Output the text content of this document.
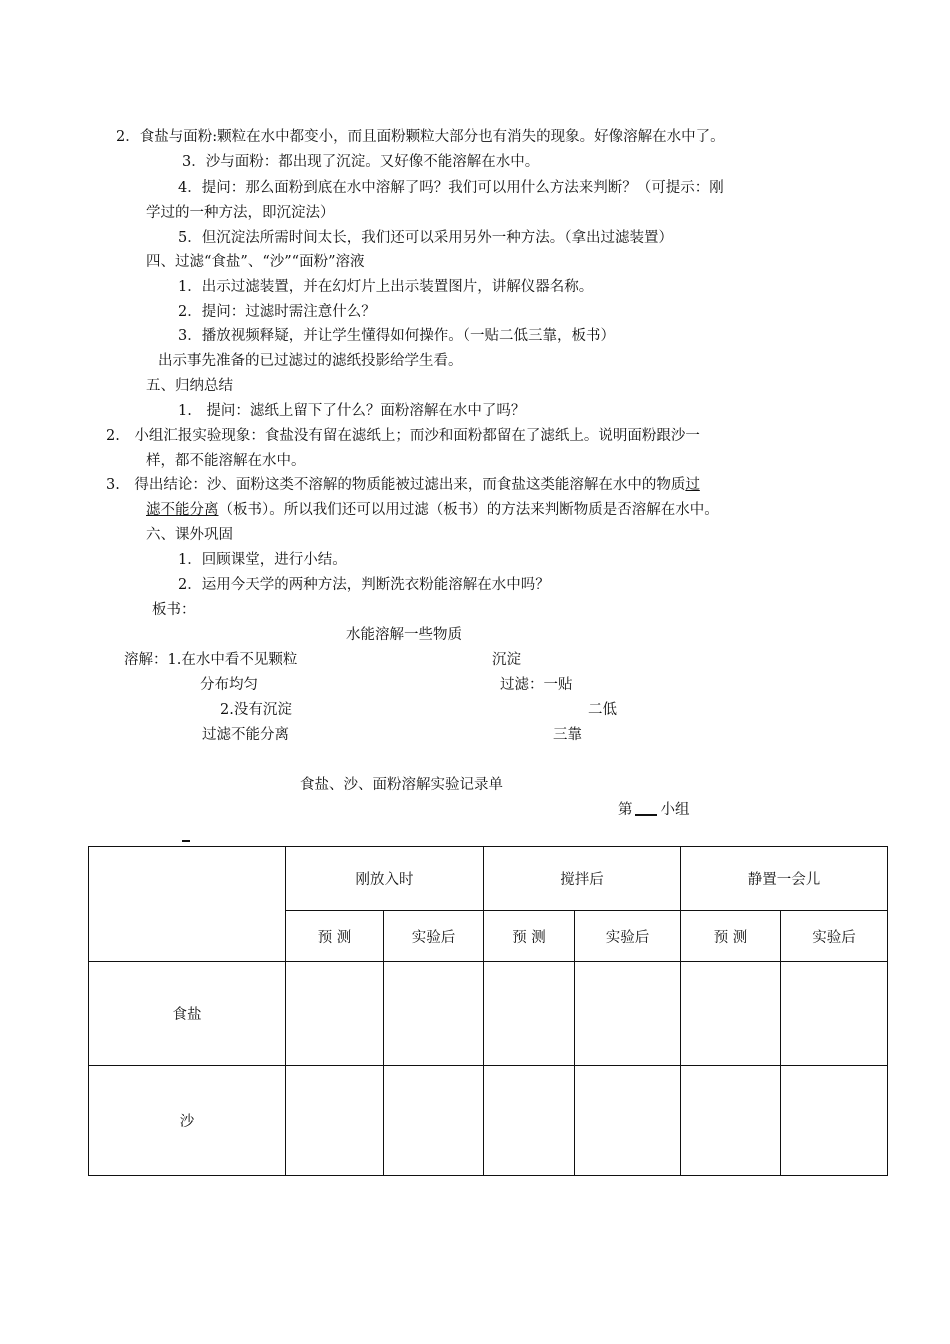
2．食盐与面粉:颗粒在水中都变小，而且面粉颗粒大部分也有消失的现象。好像溶解在水中了。
3．沙与面粉：都出现了沉淀。又好像不能溶解在水中。
4．提问：那么面粉到底在水中溶解了吗？我们可以用什么方法来判断？（可提示：刚
学过的一种方法，即沉淀法）
5．但沉淀法所需时间太长，我们还可以采用另外一种方法。（拿出过滤装置）
四、过滤“食盐”、“沙”“面粉”溶液
1．出示过滤装置，并在幻灯片上出示装置图片，讲解仪器名称。
2．提问：过滤时需注意什么？
3．播放视频释疑，并让学生懂得如何操作。（一贴二低三靠，板书）
出示事先准备的已过滤过的滤纸投影给学生看。
五、归纳总结
1.　提问：滤纸上留下了什么？面粉溶解在水中了吗？
2.　小组汇报实验现象：食盐没有留在滤纸上；而沙和面粉都留在了滤纸上。说明面粉跟沙一
样，都不能溶解在水中。
3.　得出结论：沙、面粉这类不溶解的物质能被过滤出来，而食盐这类能溶解在水中的物质过
滤不能分离（板书）。所以我们还可以用过滤（板书）的方法来判断物质是否溶解在水中。
六、课外巩固
1．回顾课堂，进行小结。
2．运用今天学的两种方法，判断洗衣粉能溶解在水中吗？
板书：
水能溶解一些物质
溶解：1.在水中看不见颗粒
分布均匀
2.没有沉淀
过滤不能分离
沉淀
过滤：一贴
二低
三靠
食盐、沙、面粉溶解实验记录单
第 小组
	刚放入时		搅拌后		静置一会儿	
	预 测	实验后	预 测	实验后	预 测	实验后
食盐						
沙						
